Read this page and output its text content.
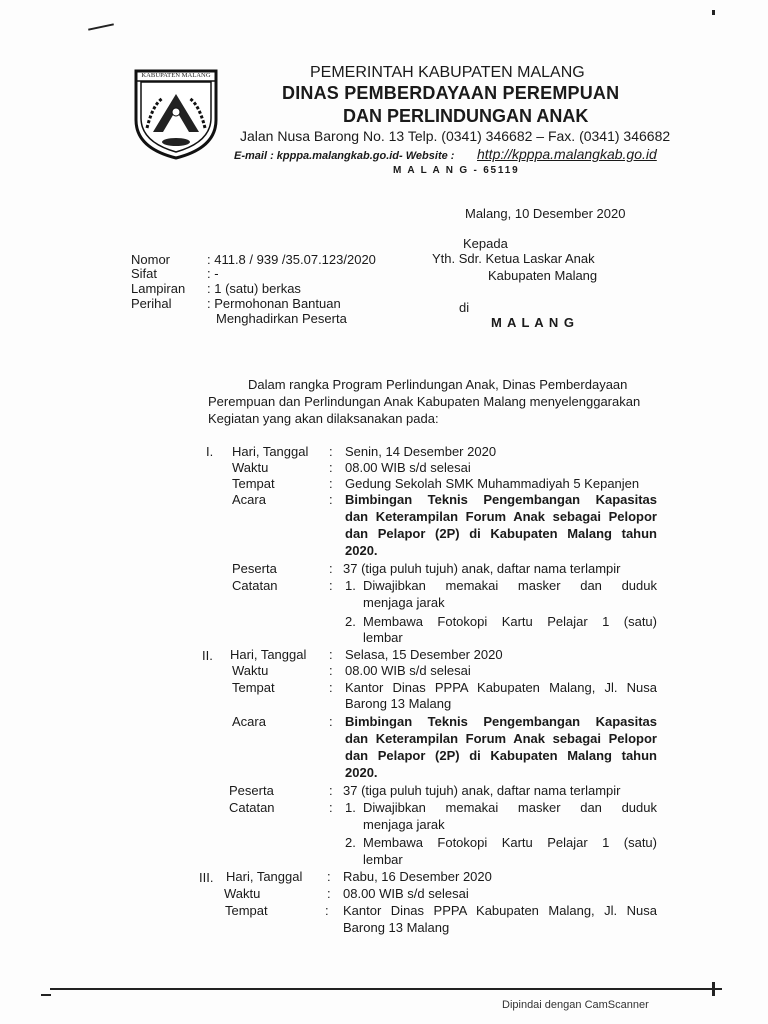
KABUPATEN MALANG	PEMERINTAH KABUPATEN MALANG
DINAS PEMBERDAYAAN PEREMPUAN
DAN PERLINDUNGAN ANAK
Jalan Nusa Barong No. 13 Telp. (0341) 346682 – Fax. (0341) 346682
E-mail : kpppa.malangkab.go.id- Website : http://kpppa.malangkab.go.id
M A L A N G - 65119
Malang, 10 Desember 2020
Kepada
Yth. Sdr. Ketua Laskar Anak
Kabupaten Malang
di
M A L A N G
Nomor	: 411.8 / 939 /35.07.123/2020
Sifat	: -
Lampiran : 1 (satu) berkas
Perihal	: Permohonan Bantuan
Menghadirkan Peserta
Dalam rangka Program Perlindungan Anak, Dinas Pemberdayaan
Perempuan dan Perlindungan Anak Kabupaten Malang menyelenggarakan
Kegiatan yang akan dilaksanakan pada:
I. Hari, Tanggal : Senin, 14 Desember 2020
Waktu	: 08.00 WIB s/d selesai
Tempat	: Gedung Sekolah SMK Muhammadiyah 5 Kepanjen
Acara	: Bimbingan Teknis Pengembangan Kapasitas
dan Keterampilan Forum Anak sebagai Pelopor
dan Pelapor (2P) di Kabupaten Malang tahun
2020.
Peserta	: 37 (tiga puluh tujuh) anak, daftar nama terlampir
Catatan	: 1. Diwajibkan memakai masker dan duduk
menjaga jarak
2. Membawa Fotokopi Kartu Pelajar 1 (satu)
lembar
II. Hari, Tanggal : Selasa, 15 Desember 2020
Waktu	: 08.00 WIB s/d selesai
Tempat	: Kantor Dinas PPPA Kabupaten Malang, Jl. Nusa
Barong 13 Malang
Acara	: Bimbingan Teknis Pengembangan Kapasitas
dan Keterampilan Forum Anak sebagai Pelopor
dan Pelapor (2P) di Kabupaten Malang tahun
2020.
Peserta	: 37 (tiga puluh tujuh) anak, daftar nama terlampir
Catatan	: 1. Diwajibkan memakai masker dan duduk
menjaga jarak
2. Membawa Fotokopi Kartu Pelajar 1 (satu)
lembar
III. Hari, Tanggal : Rabu, 16 Desember 2020
Waktu	: 08.00 WIB s/d selesai
Tempat	: Kantor Dinas PPPA Kabupaten Malang, Jl. Nusa
Barong 13 Malang
Dipindai dengan CamScanner
